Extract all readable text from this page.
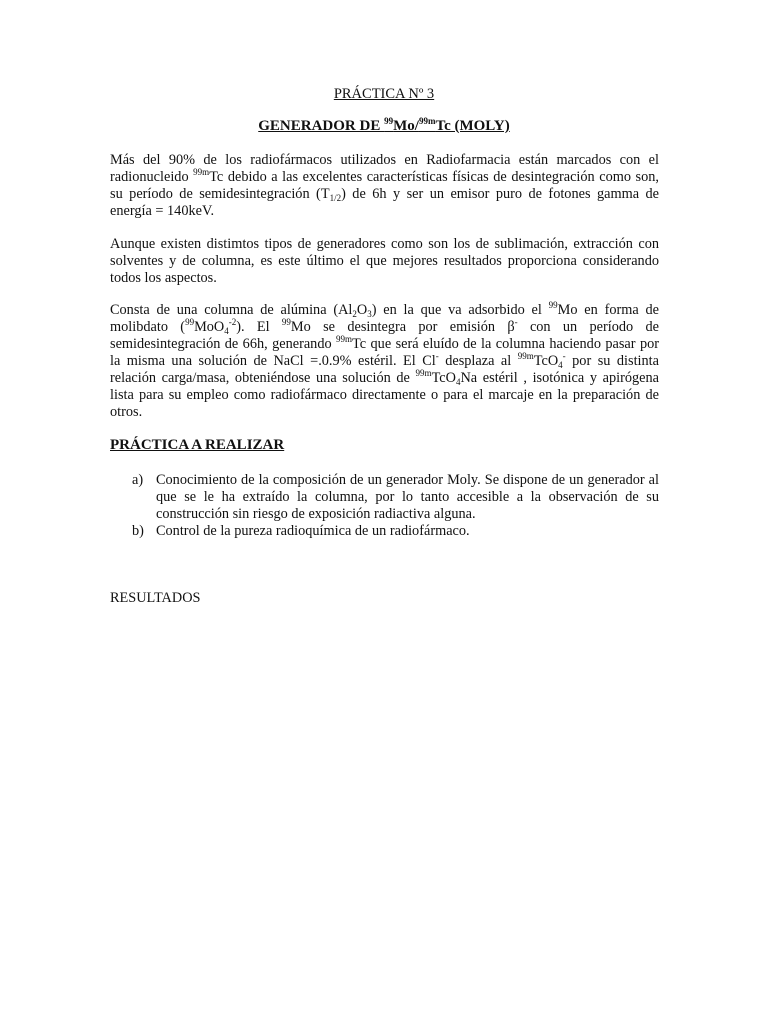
PRÁCTICA Nº 3
GENERADOR DE $^{99}$Mo/$^{99m}$Tc (MOLY)
Más del 90% de los radiofármacos utilizados en Radiofarmacia están marcados con el radionucleido $^{99m}$Tc debido a las excelentes características físicas de desintegración como son, su período de semidesintegración $(T_{1/2})$ de 6h y ser un emisor puro de fotones gamma de energía = 140keV.
Aunque existen distimtos tipos de generadores como son los de sublimación, extracción con solventes y de columna, es este último el que mejores resultados proporciona considerando todos los aspectos.
Consta de una columna de alúmina $(Al_2O_3)$ en la que va adsorbido el $^{99}$Mo en forma de molibdato ($^{99}$MoO$_4^{-2}$). El $^{99}$Mo se desintegra por emisión β- con un período de semidesintegración de 66h, generando $^{99m}$Tc que será eluído de la columna haciendo pasar por la misma una solución de NaCl =.0.9% estéril. El Cl- desplaza al $^{99m}$TcO$_4$- por su distinta relación carga/masa, obteniéndose una solución de $^{99m}$TcO$_4$Na estéril , isotónica y apirógena lista para su empleo como radiofármaco directamente o para el marcaje en la preparación de otros.
PRÁCTICA A REALIZAR
a) Conocimiento de la composición de un generador Moly. Se dispone de un generador al que se le ha extraído la columna, por lo tanto accesible a la observación de su construcción sin riesgo de exposición radiactiva alguna.
b) Control de la pureza radioquímica de un radiofármaco.
RESULTADOS
